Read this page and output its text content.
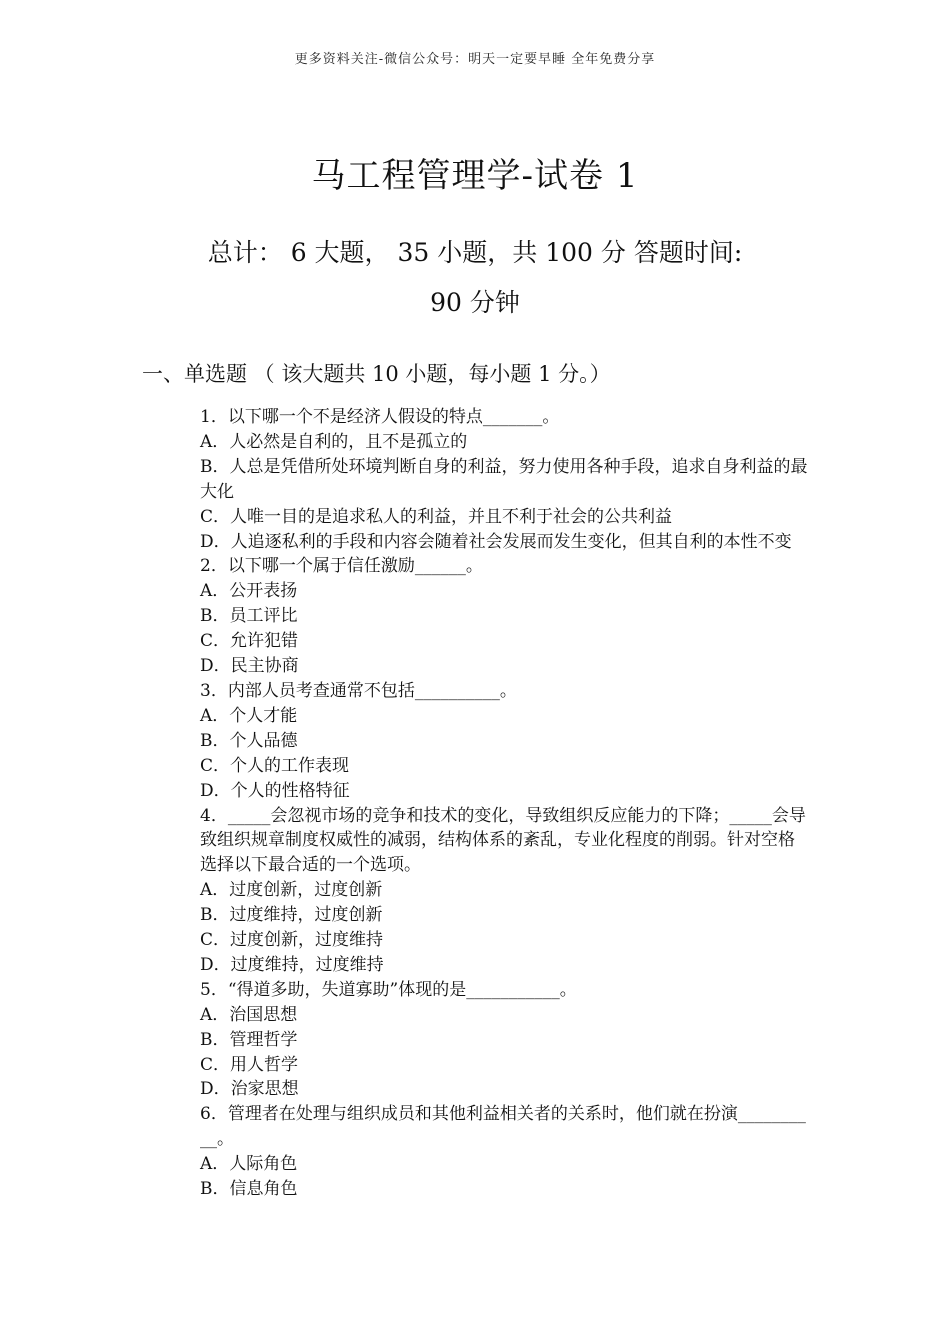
更多资料关注-微信公众号：明天一定要早睡 全年免费分享
马工程管理学-试卷 1
总计： 6 大题， 35 小题，共 100 分 答题时间:
90 分钟
一、单选题 （ 该大题共 10 小题，每小题 1 分。）
1．以下哪一个不是经济人假设的特点_______。
A．人必然是自利的，且不是孤立的
B．人总是凭借所处环境判断自身的利益，努力使用各种手段，追求自身利益的最大化
C．人唯一目的是追求私人的利益，并且不利于社会的公共利益
D．人追逐私利的手段和内容会随着社会发展而发生变化，但其自利的本性不变
2．以下哪一个属于信任激励______。
A．公开表扬
B．员工评比
C．允许犯错
D．民主协商
3．内部人员考查通常不包括__________。
A．个人才能
B．个人品德
C．个人的工作表现
D．个人的性格特征
4．_____会忽视市场的竞争和技术的变化，导致组织反应能力的下降；_____会导致组织规章制度权威性的减弱，结构体系的紊乱，专业化程度的削弱。针对空格选择以下最合适的一个选项。
A．过度创新，过度创新
B．过度维持，过度创新
C．过度创新，过度维持
D．过度维持，过度维持
5．“得道多助，失道寡助”体现的是___________。
A．治国思想
B．管理哲学
C．用人哲学
D．治家思想
6．管理者在处理与组织成员和其他利益相关者的关系时，他们就在扮演__________。
A．人际角色
B．信息角色
